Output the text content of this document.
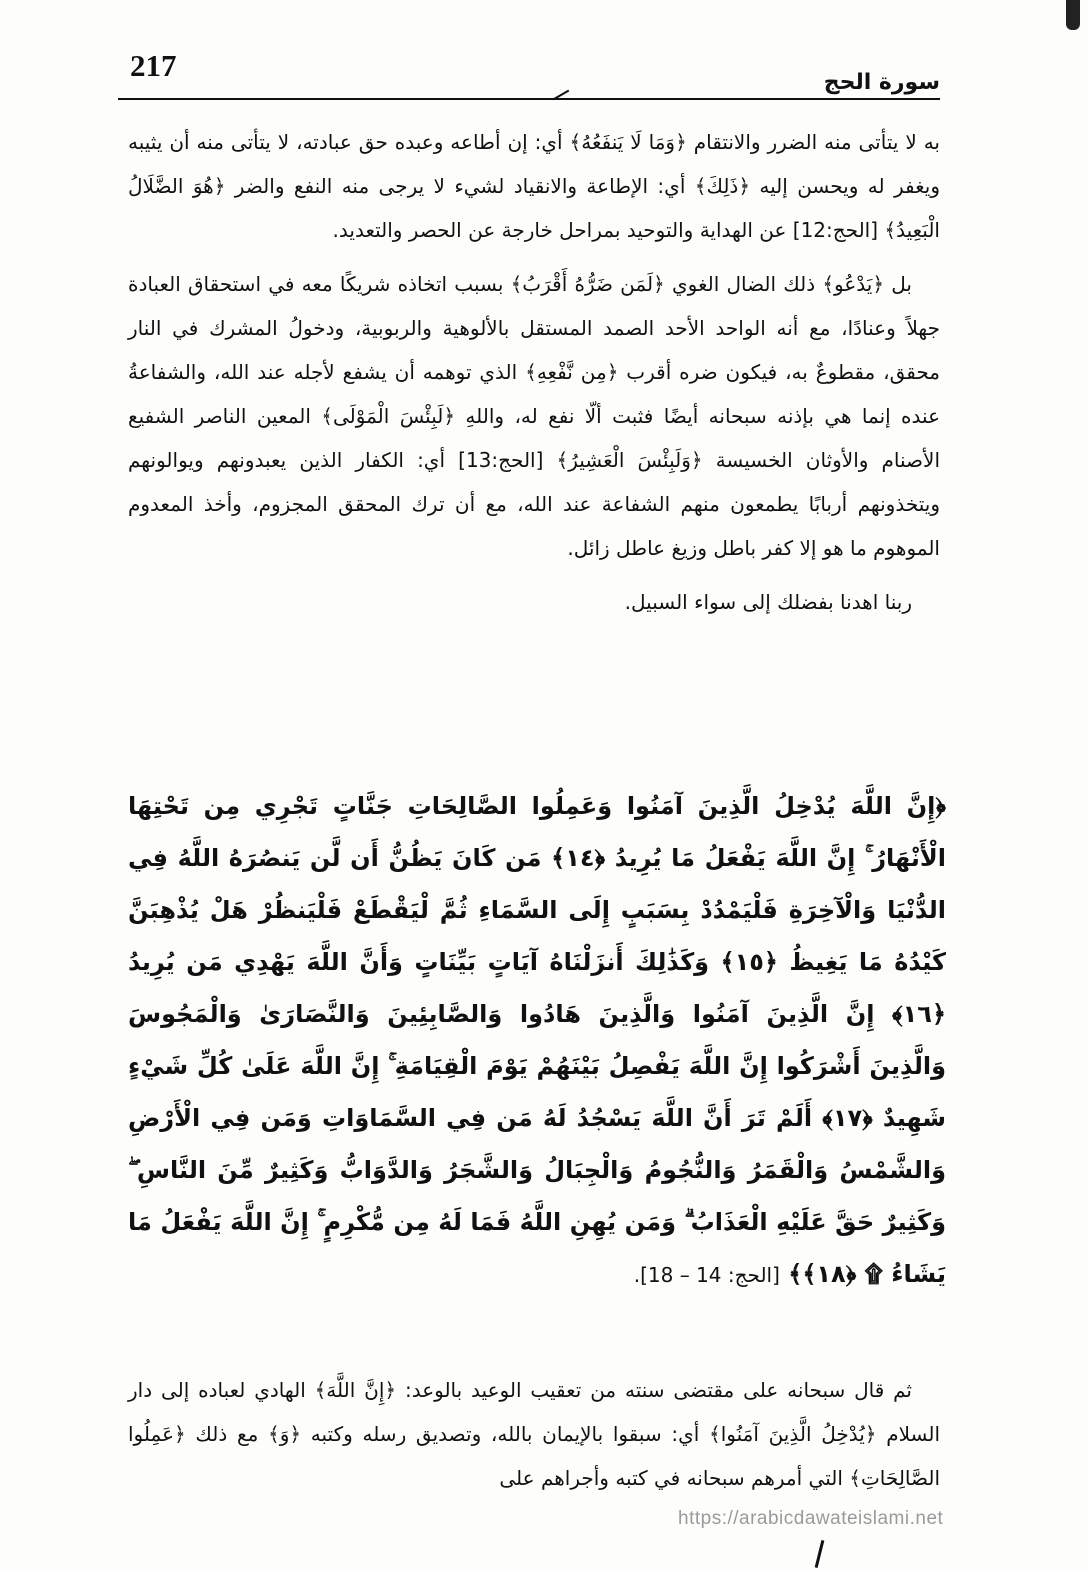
217	سورة الحج

به لا يتأتى منه الضرر والانتقام ﴿وَمَا لَا يَنفَعُهُ﴾ أي: إن أطاعه وعبده حق عبادته، لا يتأتى منه أن يثيبه ويغفر له ويحسن إليه ﴿ذَلِكَ﴾ أي: الإطاعة والانقياد لشيء لا يرجى منه النفع والضر ﴿هُوَ الضَّلَالُ الْبَعِيدُ﴾ [الحج:12] عن الهداية والتوحيد بمراحل خارجة عن الحصر والتعديد.

بل ﴿يَدْعُو﴾ ذلك الضال الغوي ﴿لَمَن ضَرُّهُ أَقْرَبُ﴾ بسبب اتخاذه شريكًا معه في استحقاق العبادة جهلاً وعنادًا، مع أنه الواحد الأحد الصمد المستقل بالألوهية والربوبية، ودخولُ المشرك في النار محقق، مقطوعٌ به، فيكون ضره أقرب ﴿مِن نَّفْعِهِ﴾ الذي توهمه أن يشفع لأجله عند الله، والشفاعةُ عنده إنما هي بإذنه سبحانه أيضًا فثبت ألّا نفع له، واللهِ ﴿لَبِئْسَ الْمَوْلَى﴾ المعين الناصر الشفيع الأصنام والأوثان الخسيسة ﴿وَلَبِئْسَ الْعَشِيرُ﴾ [الحج:13] أي: الكفار الذين يعبدونهم ويوالونهم ويتخذونهم أربابًا يطمعون منهم الشفاعة عند الله، مع أن ترك المحقق المجزوم، وأخذ المعدوم الموهوم ما هو إلا كفر باطل وزيغ عاطل زائل.

ربنا اهدنا بفضلك إلى سواء السبيل.

﴿إِنَّ اللَّهَ يُدْخِلُ الَّذِينَ آمَنُوا وَعَمِلُوا الصَّالِحَاتِ جَنَّاتٍ تَجْرِي مِن تَحْتِهَا الْأَنْهَارُ ۚ إِنَّ اللَّهَ يَفْعَلُ مَا يُرِيدُ ﴿١٤﴾ مَن كَانَ يَظُنُّ أَن لَّن يَنصُرَهُ اللَّهُ فِي الدُّنْيَا وَالْآخِرَةِ فَلْيَمْدُدْ بِسَبَبٍ إِلَى السَّمَاءِ ثُمَّ لْيَقْطَعْ فَلْيَنظُرْ هَلْ يُذْهِبَنَّ كَيْدُهُ مَا يَغِيظُ ﴿١٥﴾ وَكَذَٰلِكَ أَنزَلْنَاهُ آيَاتٍ بَيِّنَاتٍ وَأَنَّ اللَّهَ يَهْدِي مَن يُرِيدُ ﴿١٦﴾ إِنَّ الَّذِينَ آمَنُوا وَالَّذِينَ هَادُوا وَالصَّابِئِينَ وَالنَّصَارَىٰ وَالْمَجُوسَ وَالَّذِينَ أَشْرَكُوا إِنَّ اللَّهَ يَفْصِلُ بَيْنَهُمْ يَوْمَ الْقِيَامَةِ ۚ إِنَّ اللَّهَ عَلَىٰ كُلِّ شَيْءٍ شَهِيدٌ ﴿١٧﴾ أَلَمْ تَرَ أَنَّ اللَّهَ يَسْجُدُ لَهُ مَن فِي السَّمَاوَاتِ وَمَن فِي الْأَرْضِ وَالشَّمْسُ وَالْقَمَرُ وَالنُّجُومُ وَالْجِبَالُ وَالشَّجَرُ وَالدَّوَابُّ وَكَثِيرٌ مِّنَ النَّاسِ ۖ وَكَثِيرٌ حَقَّ عَلَيْهِ الْعَذَابُ ۗ وَمَن يُهِنِ اللَّهُ فَمَا لَهُ مِن مُّكْرِمٍ ۚ إِنَّ اللَّهَ يَفْعَلُ مَا يَشَاءُ ۩ ﴿١٨﴾﴾ [الحج: 14 – 18].

ثم قال سبحانه على مقتضى سنته من تعقيب الوعيد بالوعد: ﴿إِنَّ اللَّهَ﴾ الهادي لعباده إلى دار السلام ﴿يُدْخِلُ الَّذِينَ آمَنُوا﴾ أي: سبقوا بالإيمان بالله، وتصديق رسله وكتبه ﴿وَ﴾ مع ذلك ﴿عَمِلُوا الصَّالِحَاتِ﴾ التي أمرهم سبحانه في كتبه وأجراهم على

https://arabicdawateislami.net
